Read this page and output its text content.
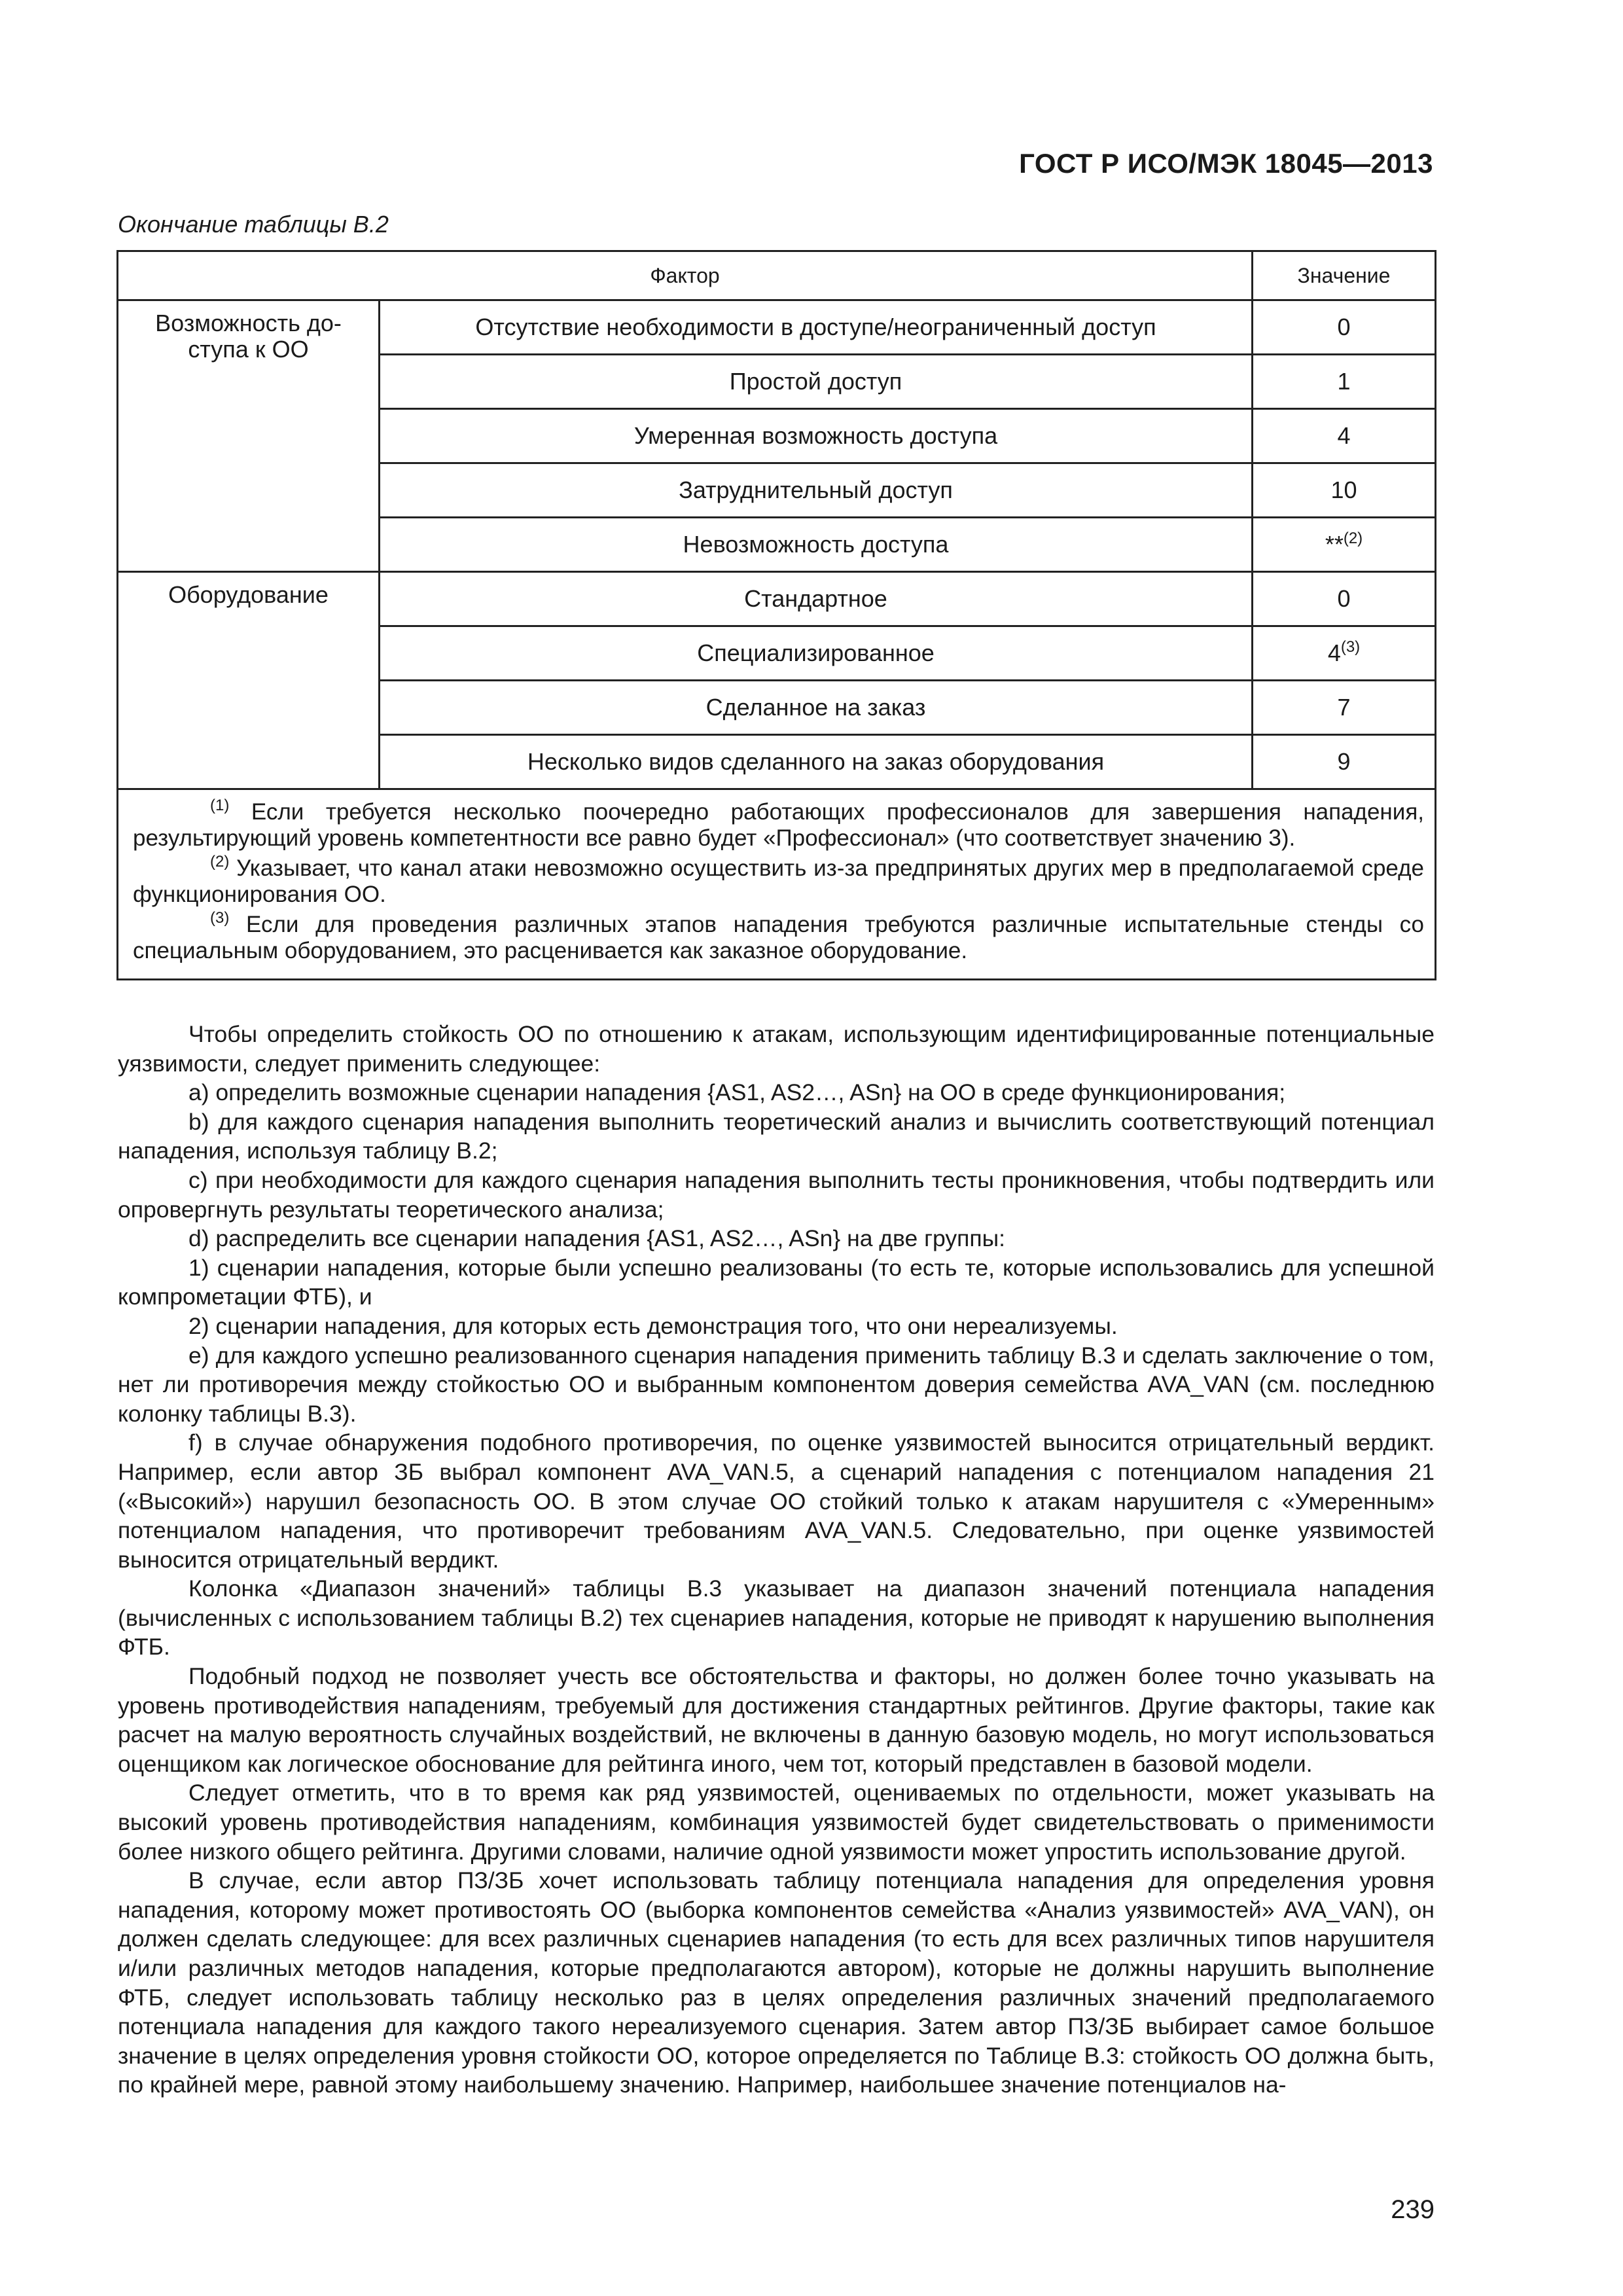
ГОСТ Р ИСО/МЭК 18045—2013
Окончание таблицы В.2
Фактор		Значение
Возможность до-
ступа к ОО	Отсутствие необходимости в доступе/неограниченный доступ	0
	Простой доступ	1
	Умеренная возможность доступа	4
	Затруднительный доступ	10
	Невозможность доступа	**$^{(2)}$
Оборудование	Стандартное	0
	Специализированное	4$^{(3)}$
	Сделанное на заказ	7
	Несколько видов сделанного на заказ оборудования	9

$^{(1)}$ Если требуется несколько поочередно работающих профессионалов для завершения нападения, результирующий уровень компетентности все равно будет «Профессионал» (что соответствует значению 3).

$^{(2)}$ Указывает, что канал атаки невозможно осуществить из-за предпринятых других мер в предполагаемой среде функционирования ОО.

$^{(3)}$ Если для проведения различных этапов нападения требуются различные испытательные стенды со специальным оборудованием, это расценивается как заказное оборудование.		

Чтобы определить стойкость ОО по отношению к атакам, использующим идентифицированные потенциальные уязвимости, следует применить следующее:

a) определить возможные сценарии нападения {AS1, AS2…, ASn} на ОО в среде функционирования;

b) для каждого сценария нападения выполнить теоретический анализ и вычислить соответствующий потенциал нападения, используя таблицу В.2;

c) при необходимости для каждого сценария нападения выполнить тесты проникновения, чтобы подтвердить или опровергнуть результаты теоретического анализа;

d) распределить все сценарии нападения {AS1, AS2…, ASn} на две группы:

1) сценарии нападения, которые были успешно реализованы (то есть те, которые использовались для успешной компрометации ФТБ), и

2) сценарии нападения, для которых есть демонстрация того, что они нереализуемы.

e) для каждого успешно реализованного сценария нападения применить таблицу В.3 и сделать заключение о том, нет ли противоречия между стойкостью ОО и выбранным компонентом доверия семейства AVA_VAN (см. последнюю колонку таблицы В.3).

f) в случае обнаружения подобного противоречия, по оценке уязвимостей выносится отрицательный вердикт. Например, если автор ЗБ выбрал компонент AVA_VAN.5, а сценарий нападения с потенциалом нападения 21 («Высокий») нарушил безопасность ОО. В этом случае ОО стойкий только к атакам нарушителя с «Умеренным» потенциалом нападения, что противоречит требованиям AVA_VAN.5. Следовательно, при оценке уязвимостей выносится отрицательный вердикт.

Колонка «Диапазон значений» таблицы В.3 указывает на диапазон значений потенциала нападения (вычисленных с использованием таблицы В.2) тех сценариев нападения, которые не приводят к нарушению выполнения ФТБ.

Подобный подход не позволяет учесть все обстоятельства и факторы, но должен более точно указывать на уровень противодействия нападениям, требуемый для достижения стандартных рейтингов. Другие факторы, такие как расчет на малую вероятность случайных воздействий, не включены в данную базовую модель, но могут использоваться оценщиком как логическое обоснование для рейтинга иного, чем тот, который представлен в базовой модели.

Следует отметить, что в то время как ряд уязвимостей, оцениваемых по отдельности, может указывать на высокий уровень противодействия нападениям, комбинация уязвимостей будет свидетельствовать о применимости более низкого общего рейтинга. Другими словами, наличие одной уязвимости может упростить использование другой.

В случае, если автор ПЗ/ЗБ хочет использовать таблицу потенциала нападения для определения уровня нападения, которому может противостоять ОО (выборка компонентов семейства «Анализ уязвимостей» AVA_VAN), он должен сделать следующее: для всех различных сценариев нападения (то есть для всех различных типов нарушителя и/или различных методов нападения, которые предполагаются автором), которые не должны нарушить выполнение ФТБ, следует использовать таблицу несколько раз в целях определения различных значений предполагаемого потенциала нападения для каждого такого нереализуемого сценария. Затем автор ПЗ/ЗБ выбирает самое большое значение в целях определения уровня стойкости ОО, которое определяется по Таблице В.3: стойкость ОО должна быть, по крайней мере, равной этому наибольшему значению. Например, наибольшее значение потенциалов на-

239
